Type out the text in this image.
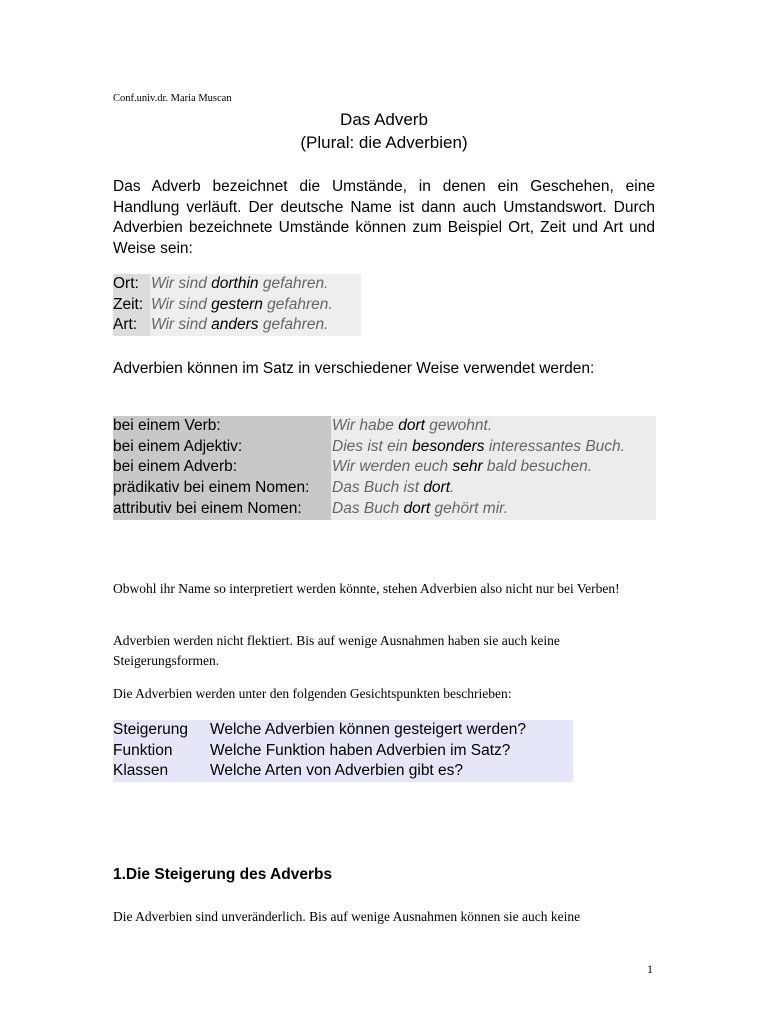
Conf.univ.dr. Maria Muscan
Das Adverb
(Plural: die Adverbien)
Das Adverb bezeichnet die Umstände, in denen ein Geschehen, eine Handlung verläuft. Der deutsche Name ist dann auch Umstandswort. Durch Adverbien bezeichnete Umstände können zum Beispiel Ort, Zeit und Art und Weise sein:
Ort: Wir sind dorthin gefahren.
Zeit: Wir sind gestern gefahren.
Art: Wir sind anders gefahren.
Adverbien können im Satz in verschiedener Weise verwendet werden:
bei einem Verb:	Wir habe dort gewohnt.
bei einem Adjektiv:	Dies ist ein besonders interessantes Buch.
bei einem Adverb:	Wir werden euch sehr bald besuchen.
prädikativ bei einem Nomen:	Das Buch ist dort.
attributiv bei einem Nomen:	Das Buch dort gehört mir.
Obwohl ihr Name so interpretiert werden könnte, stehen Adverbien also nicht nur bei Verben!
Adverbien werden nicht flektiert. Bis auf wenige Ausnahmen haben sie auch keine Steigerungsformen.
Die Adverbien werden unter den folgenden Gesichtspunkten beschrieben:
Steigerung	Welche Adverbien können gesteigert werden?
Funktion	Welche Funktion haben Adverbien im Satz?
Klassen	Welche Arten von Adverbien gibt es?
1.Die Steigerung des Adverbs
Die Adverbien sind unveränderlich. Bis auf wenige Ausnahmen können sie auch keine
1
